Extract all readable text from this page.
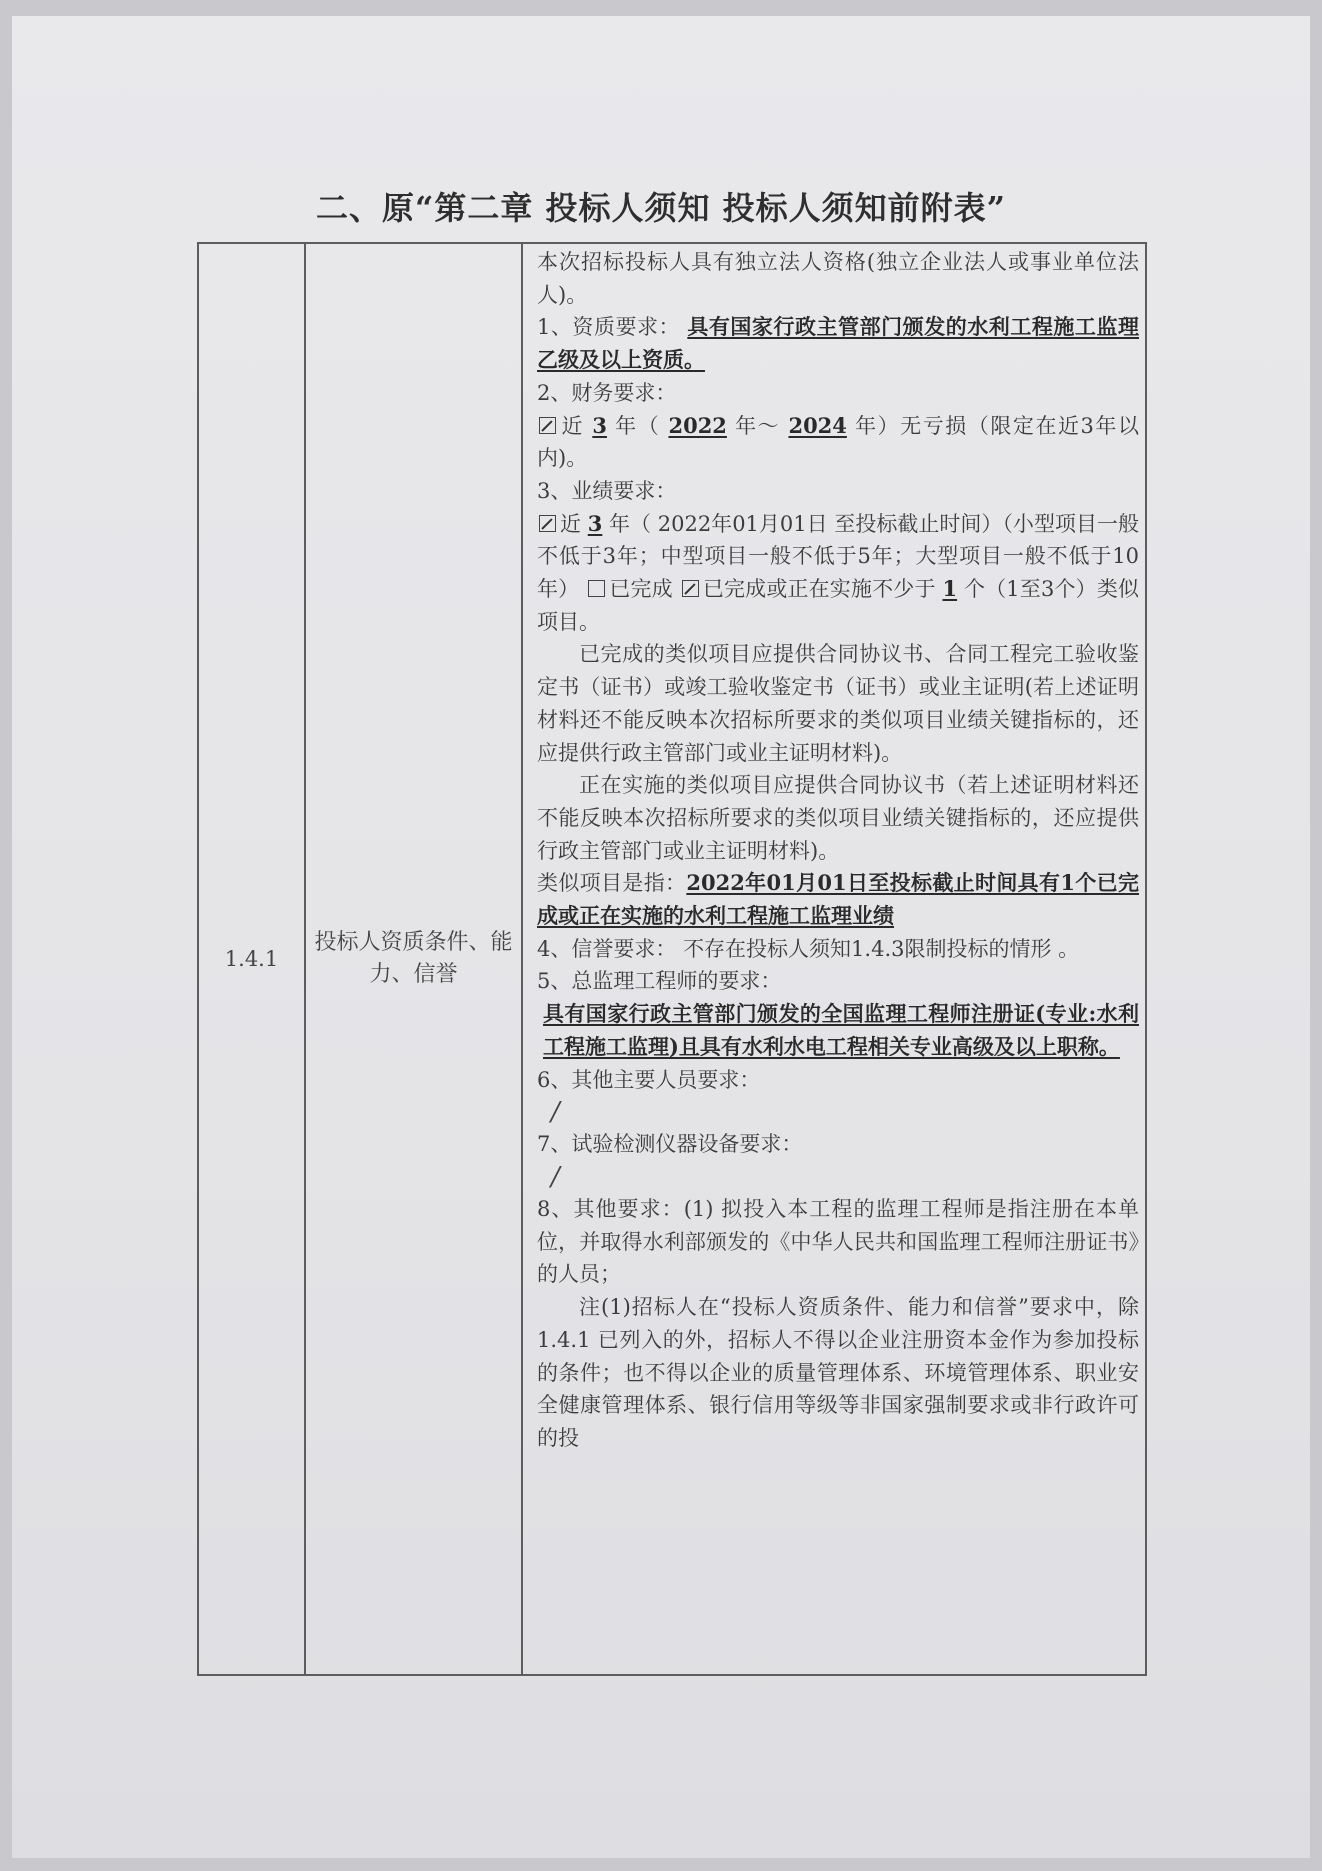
二、原“第二章 投标人须知 投标人须知前附表”
1.4.1	投标人资质条件、能力、信誉	
本次招标投标人具有独立法人资格(独立企业法人或事业单位法人)。
1、资质要求： 具有国家行政主管部门颁发的水利工程施工监理乙级及以上资质。
2、财务要求：
近 3 年（ 2022 年～ 2024 年）无亏损（限定在近3年以内)。
3、业绩要求：
近 3 年（ 2022年01月01日 至投标截止时间）（小型项目一般不低于3年；中型项目一般不低于5年；大型项目一般不低于10年） 已完成 已完成或正在实施不少于 1 个（1至3个）类似项目。
已完成的类似项目应提供合同协议书、合同工程完工验收鉴定书（证书）或竣工验收鉴定书（证书）或业主证明(若上述证明材料还不能反映本次招标所要求的类似项目业绩关键指标的，还应提供行政主管部门或业主证明材料)。
正在实施的类似项目应提供合同协议书（若上述证明材料还不能反映本次招标所要求的类似项目业绩关键指标的，还应提供行政主管部门或业主证明材料)。
类似项目是指：2022年01月01日至投标截止时间具有1个已完成或正在实施的水利工程施工监理业绩
4、信誉要求： 不存在投标人须知1.4.3限制投标的情形 。
5、总监理工程师的要求：
具有国家行政主管部门颁发的全国监理工程师注册证(专业:水利工程施工监理)且具有水利水电工程相关专业高级及以上职称。
6、其他主要人员要求：
/
7、试验检测仪器设备要求：
/
8、其他要求：(1) 拟投入本工程的监理工程师是指注册在本单位，并取得水利部颁发的《中华人民共和国监理工程师注册证书》的人员；
注(1)招标人在“投标人资质条件、能力和信誉”要求中，除 1.4.1 已列入的外，招标人不得以企业注册资本金作为参加投标的条件；也不得以企业的质量管理体系、环境管理体系、职业安全健康管理体系、银行信用等级等非国家强制要求或非行政许可的投
